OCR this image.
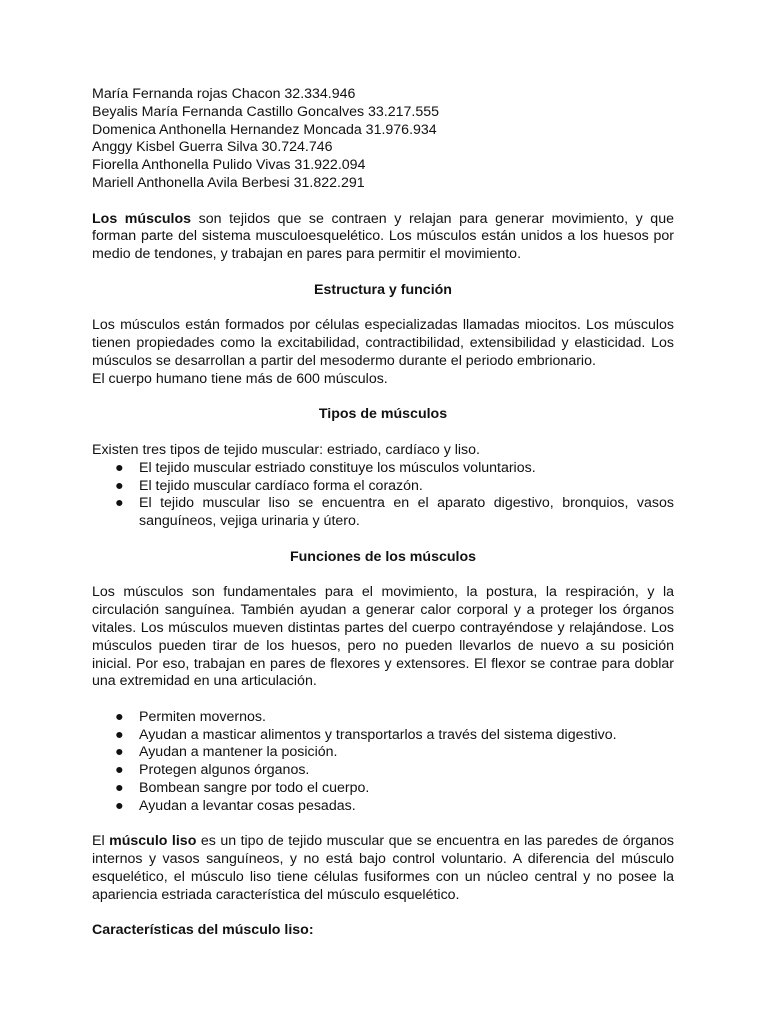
María Fernanda rojas Chacon 32.334.946

Beyalis María Fernanda Castillo Goncalves 33.217.555

Domenica Anthonella Hernandez Moncada 31.976.934

Anggy Kisbel Guerra Silva 30.724.746

Fiorella Anthonella Pulido Vivas 31.922.094

Mariell Anthonella Avila Berbesi 31.822.291

Los músculos son tejidos que se contraen y relajan para generar movimiento, y que forman parte del sistema musculoesquelético. Los músculos están unidos a los huesos por medio de tendones, y trabajan en pares para permitir el movimiento.

Estructura y función

Los músculos están formados por células especializadas llamadas miocitos. Los músculos tienen propiedades como la excitabilidad, contractibilidad, extensibilidad y elasticidad. Los músculos se desarrollan a partir del mesodermo durante el periodo embrionario.

El cuerpo humano tiene más de 600 músculos.

Tipos de músculos

Existen tres tipos de tejido muscular: estriado, cardíaco y liso.

● El tejido muscular estriado constituye los músculos voluntarios.
● El tejido muscular cardíaco forma el corazón.
● El tejido muscular liso se encuentra en el aparato digestivo, bronquios, vasos sanguíneos, vejiga urinaria y útero.

Funciones de los músculos

Los músculos son fundamentales para el movimiento, la postura, la respiración, y la circulación sanguínea. También ayudan a generar calor corporal y a proteger los órganos vitales. Los músculos mueven distintas partes del cuerpo contrayéndose y relajándose. Los músculos pueden tirar de los huesos, pero no pueden llevarlos de nuevo a su posición inicial. Por eso, trabajan en pares de flexores y extensores. El flexor se contrae para doblar una extremidad en una articulación.

● Permiten movernos.
● Ayudan a masticar alimentos y transportarlos a través del sistema digestivo.
● Ayudan a mantener la posición.
● Protegen algunos órganos.
● Bombean sangre por todo el cuerpo.
● Ayudan a levantar cosas pesadas.

El músculo liso es un tipo de tejido muscular que se encuentra en las paredes de órganos internos y vasos sanguíneos, y no está bajo control voluntario. A diferencia del músculo esquelético, el músculo liso tiene células fusiformes con un núcleo central y no posee la apariencia estriada característica del músculo esquelético.

Características del músculo liso:
